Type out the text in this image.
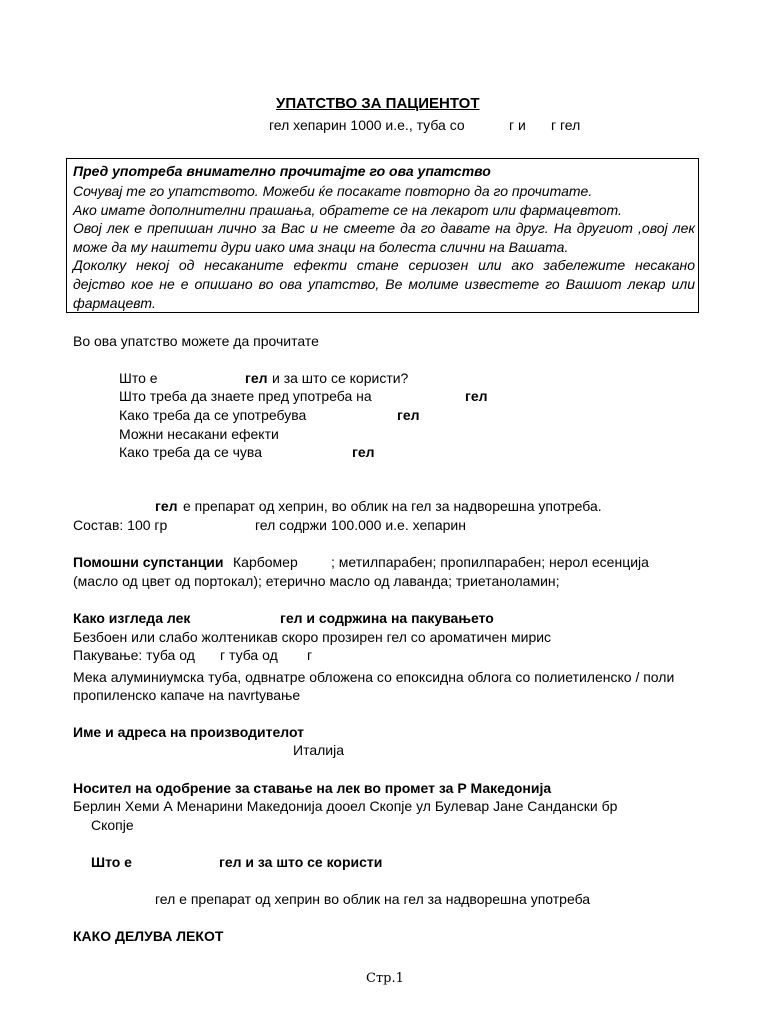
УПАТСТВО ЗА ПАЦИЕНТОТ
гел хепарин 1000 и.е., туба со	г и г гел
Пред употреба внимателно прочитајте го ова упатство
Сочувај те го упатството. Можеби ќе посакате повторно да го прочитате.
Ако имате дополнителни прашања, обратете се на лекарот или фармацевтот.
Овој лек е препишан лично за Вас и не смеете да го давате на друг. На другиот ,овој лек
може да му наштети дури иако има знаци на болеста слични на Вашата.
Доколку некој од несаканите ефекти стане сериозен или ако забележите несакано
дејство кое не е опишано во ова упатство, Ве молиме известете го Вашиот лекар или
фармацевт.
Во ова упатство можете да прочитате
Што е	гел и за што се користи?
Што треба да знаете пред употреба на	гел
Како треба да се употребува	гел
Можни несакани ефекти
Како треба да се чува	гел
гел е препарат од хеприн, во облик на гел за надворешна употреба.
Состав: 100 гр	гел содржи 100.000 и.е. хепарин
Помошни супстанции Карбомер ; метилпарабен; пропилпарабен; нерол есенција
(масло од цвет од портокал); етерично масло од лаванда; триетаноламин;
Како изгледа лек	гел и содржина на пакувањето
Безбоен или слабо жолтеникав скоро прозирен гел со ароматичен мирис
Пакување: туба од г туба од г
Мека алуминиумска туба, одвнатре обложена со епоксидна облога со полиетиленско / поли
пропиленско капаче на navrtување
Име и адреса на производителот
Италија
Носител на одобрение за ставање на лек во промет за Р Македонија
Берлин Хеми А Менарини Македонија дооел Скопје ул Булевар Јане Сандански бр
Скопје
Што е	гел и за што се користи
гел е препарат од хеприн во облик на гел за надворешна употреба
КАКО ДЕЛУВА ЛЕКОТ
Стр.1
